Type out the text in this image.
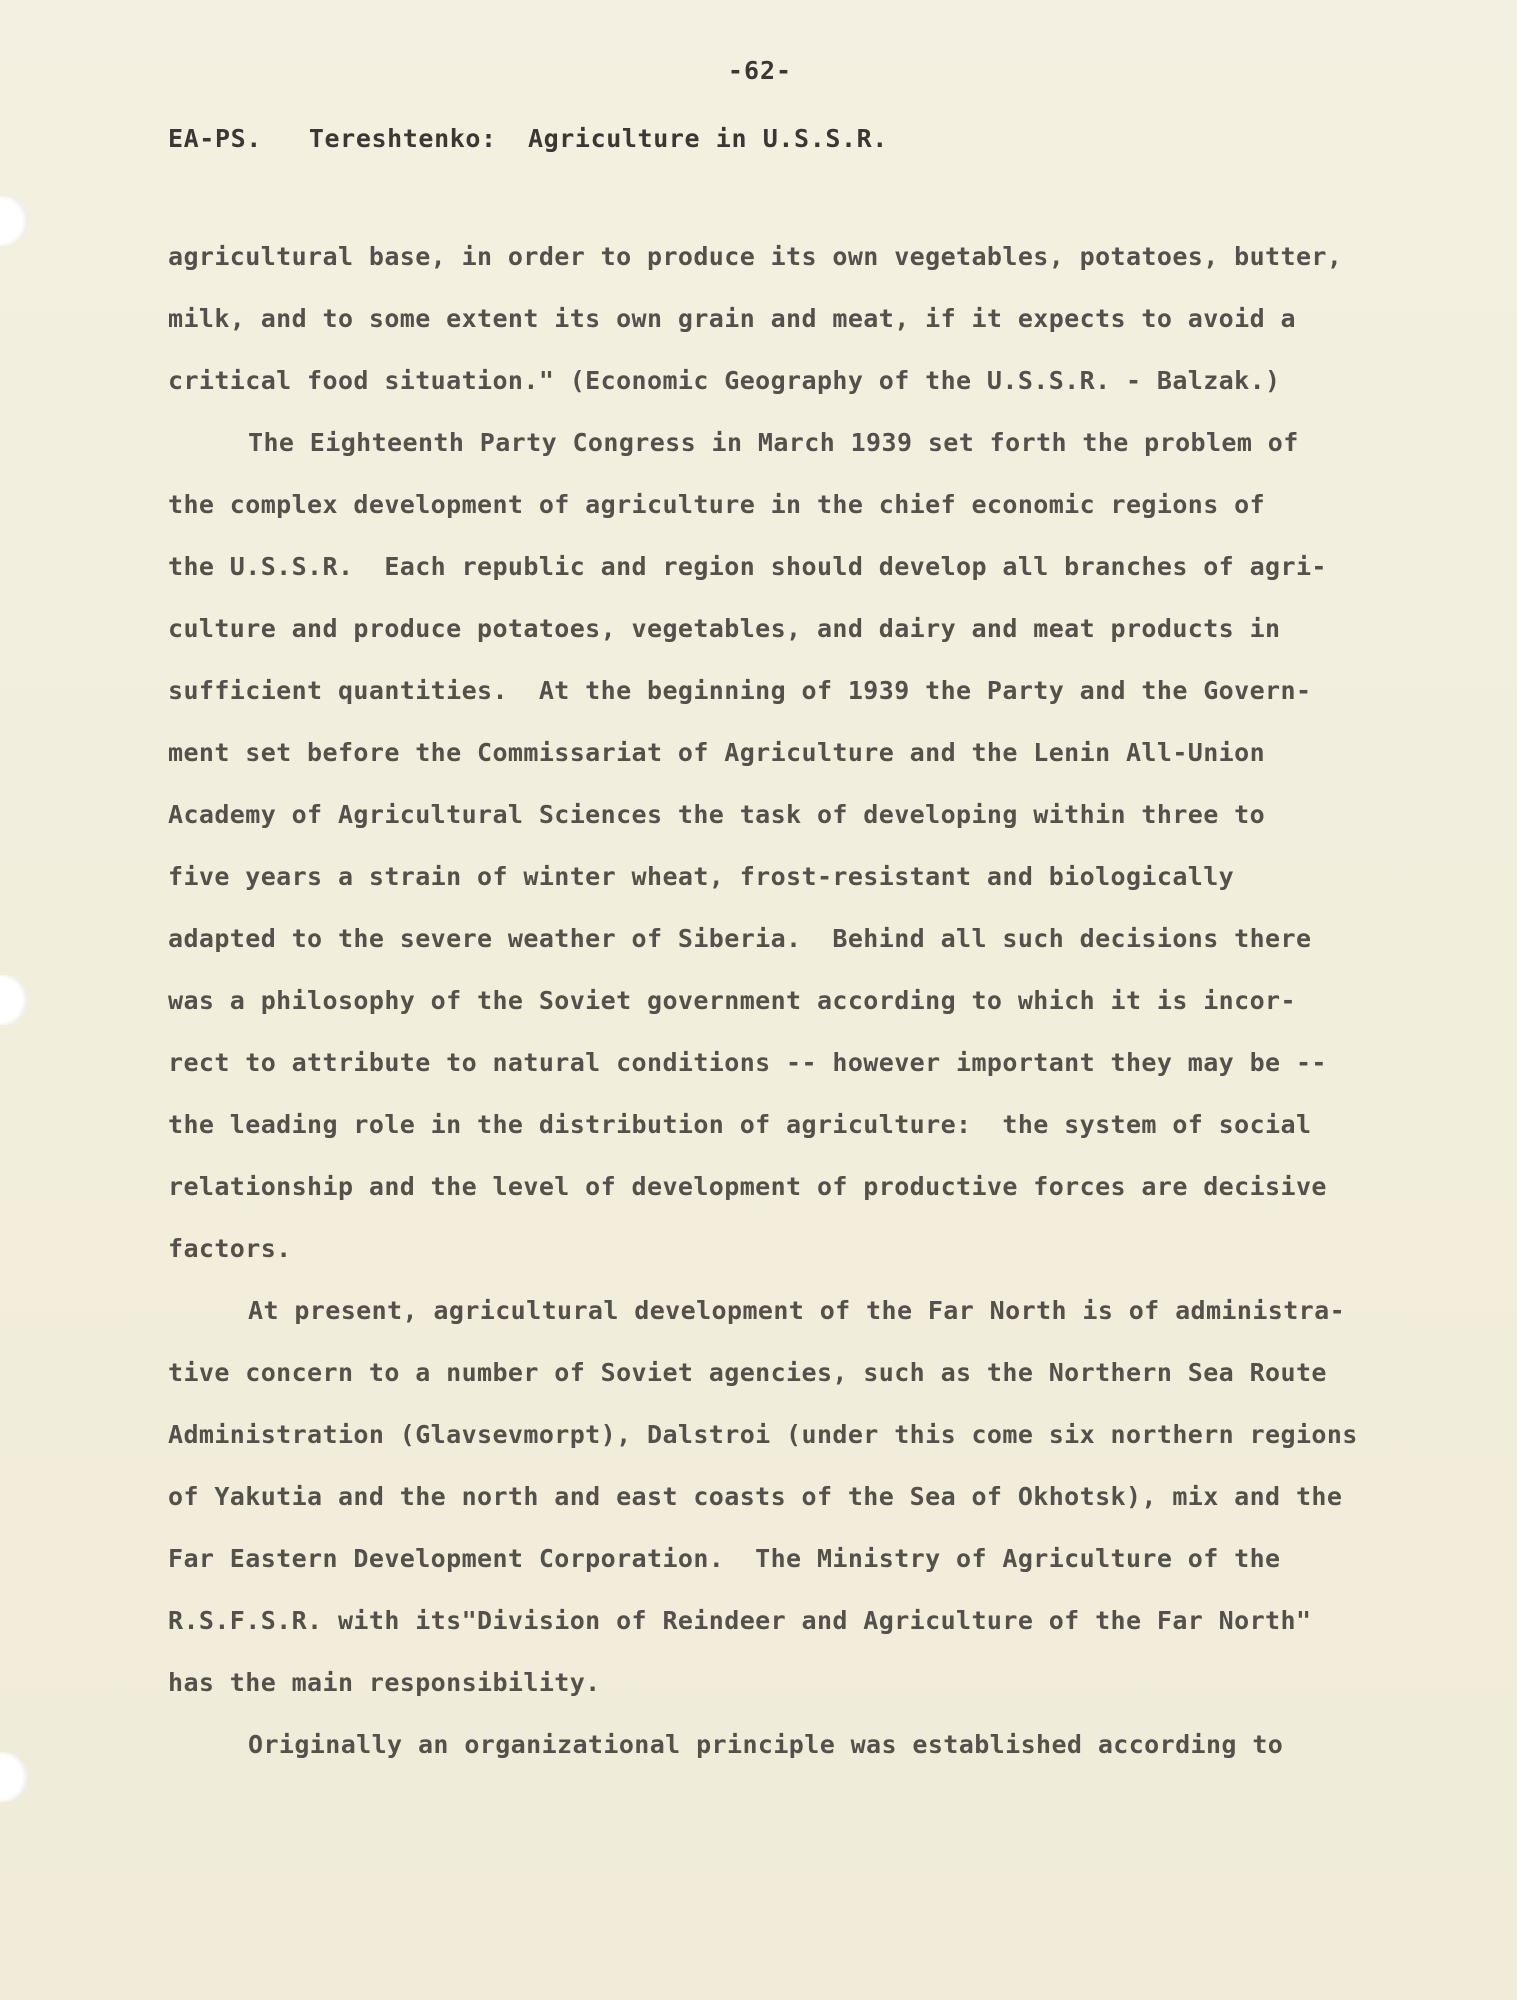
-62-
EA-PS.   Tereshtenko:  Agriculture in U.S.S.R.
agricultural base, in order to produce its own vegetables, potatoes, butter,
milk, and to some extent its own grain and meat, if it expects to avoid a
critical food situation." (Economic Geography of the U.S.S.R. - Balzak.)
The Eighteenth Party Congress in March 1939 set forth the problem of
the complex development of agriculture in the chief economic regions of
the U.S.S.R.  Each republic and region should develop all branches of agri-
culture and produce potatoes, vegetables, and dairy and meat products in
sufficient quantities.  At the beginning of 1939 the Party and the Govern-
ment set before the Commissariat of Agriculture and the Lenin All-Union
Academy of Agricultural Sciences the task of developing within three to
five years a strain of winter wheat, frost-resistant and biologically
adapted to the severe weather of Siberia.  Behind all such decisions there
was a philosophy of the Soviet government according to which it is incor-
rect to attribute to natural conditions -- however important they may be --
the leading role in the distribution of agriculture:  the system of social
relationship and the level of development of productive forces are decisive
factors.
At present, agricultural development of the Far North is of administra-
tive concern to a number of Soviet agencies, such as the Northern Sea Route
Administration (Glavsevmorpt), Dalstroi (under this come six northern regions
of Yakutia and the north and east coasts of the Sea of Okhotsk), mix and the
Far Eastern Development Corporation.  The Ministry of Agriculture of the
R.S.F.S.R. with its"Division of Reindeer and Agriculture of the Far North"
has the main responsibility.
Originally an organizational principle was established according to
